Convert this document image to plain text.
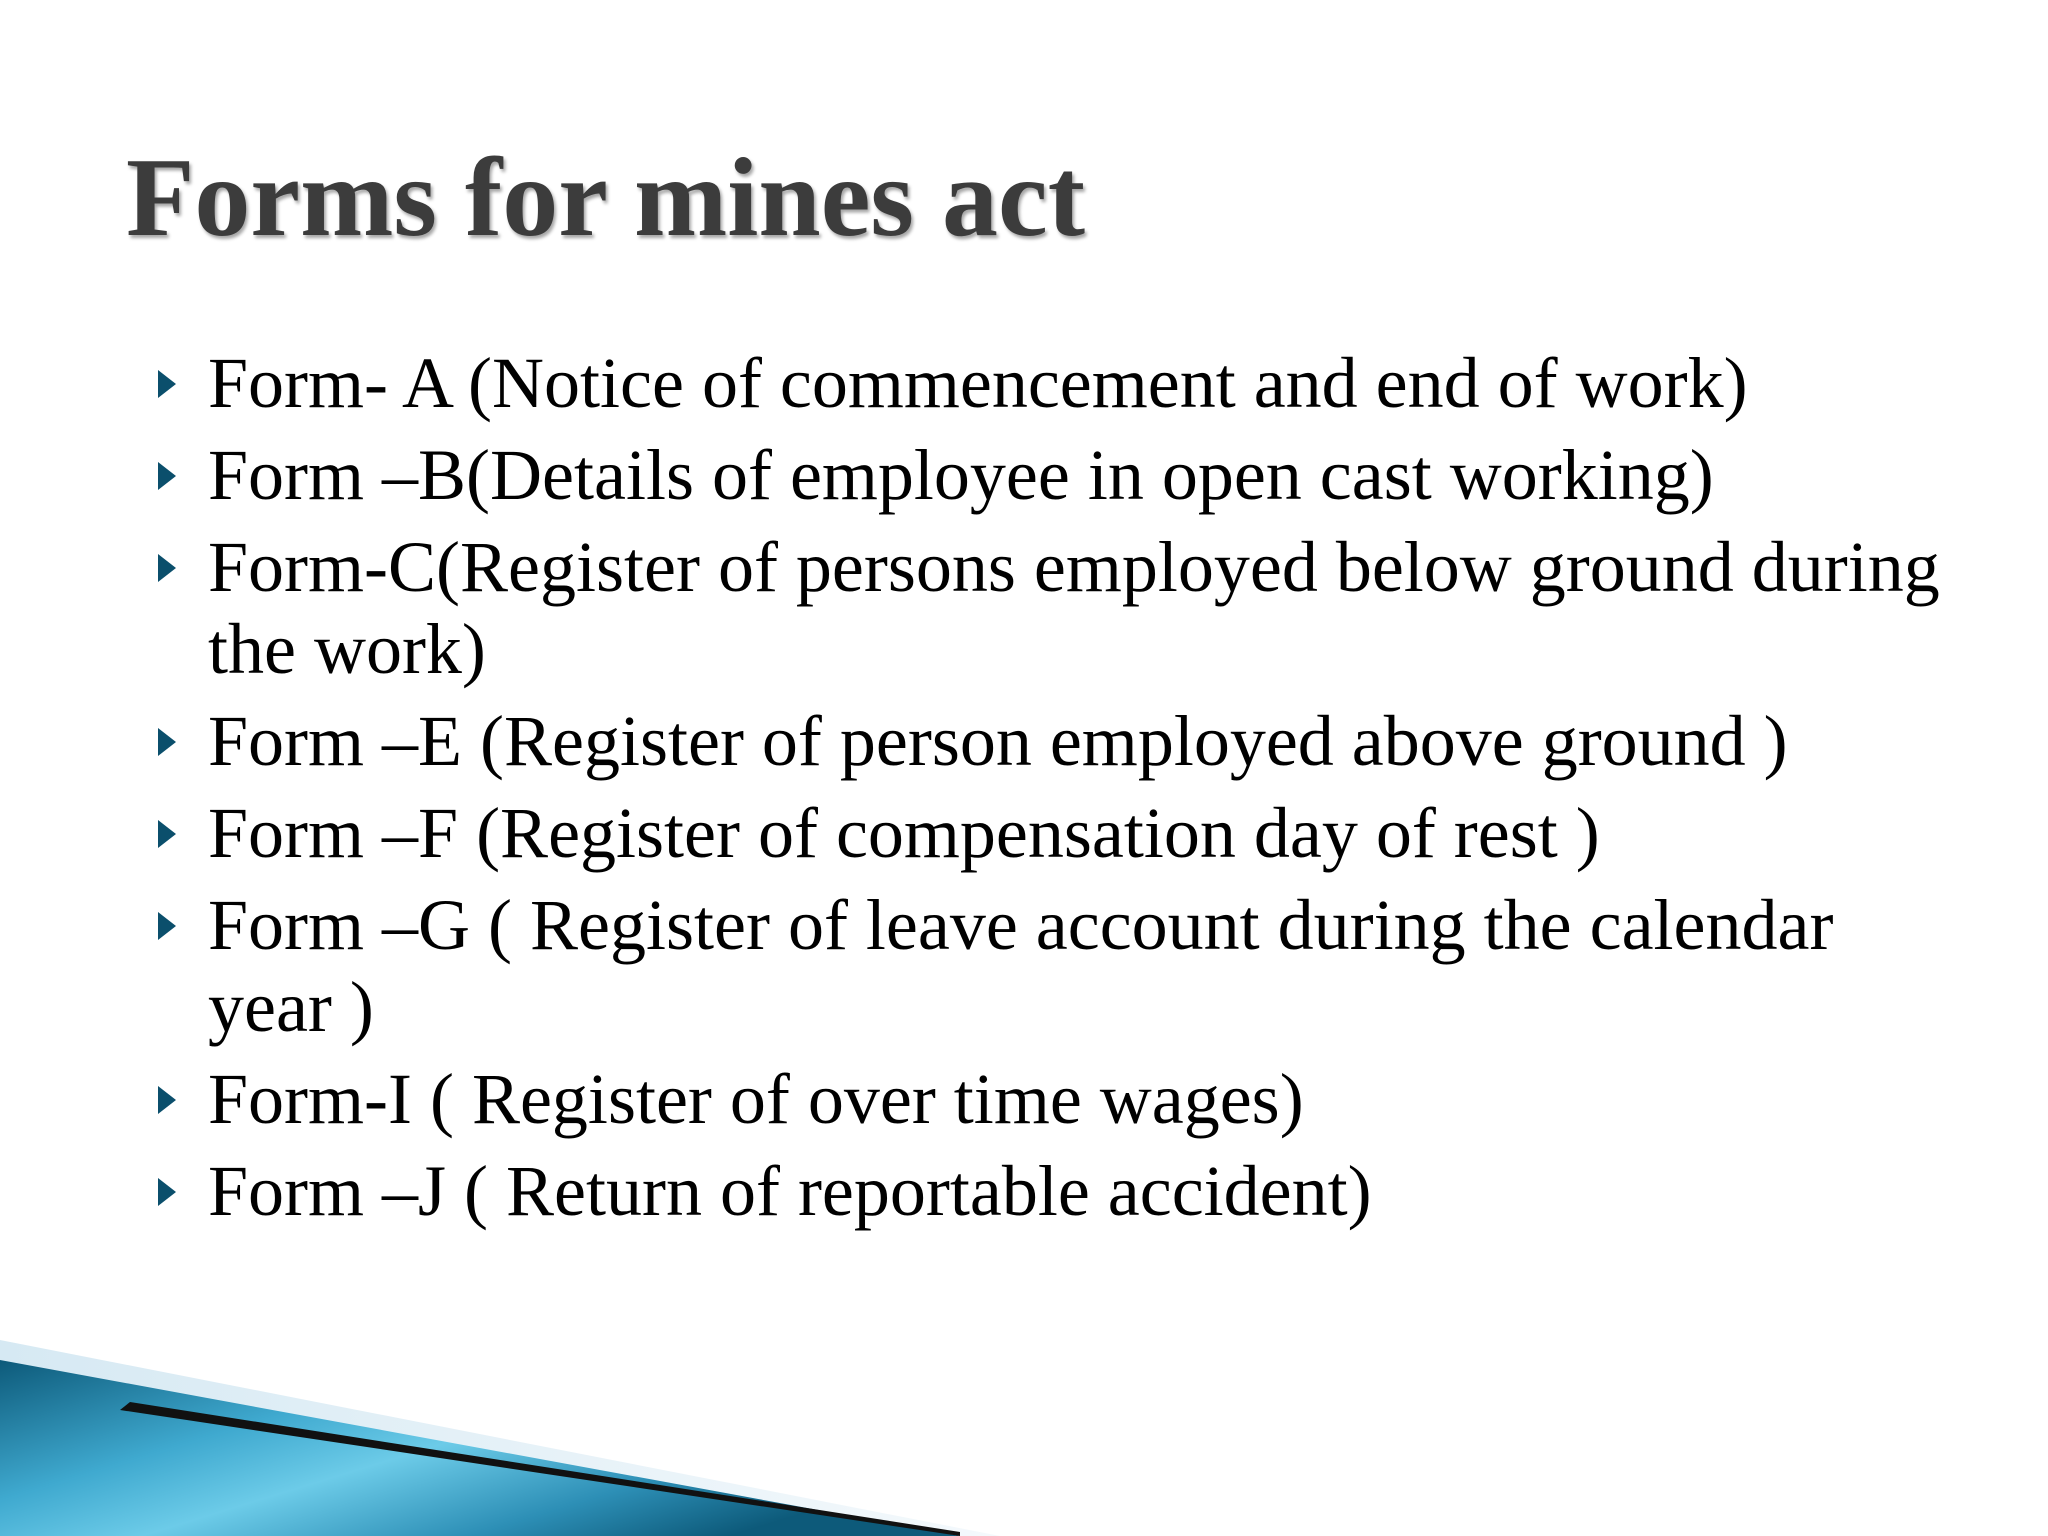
Forms for mines act
Form- A (Notice of commencement and end of work)
Form –B(Details of employee in open cast working)
Form-C(Register of persons employed below ground during the work)
Form –E (Register of person employed above ground )
Form –F (Register of compensation day of rest )
Form –G ( Register of leave account during the calendar year )
Form-I ( Register of over time wages)
Form –J ( Return of reportable accident)
